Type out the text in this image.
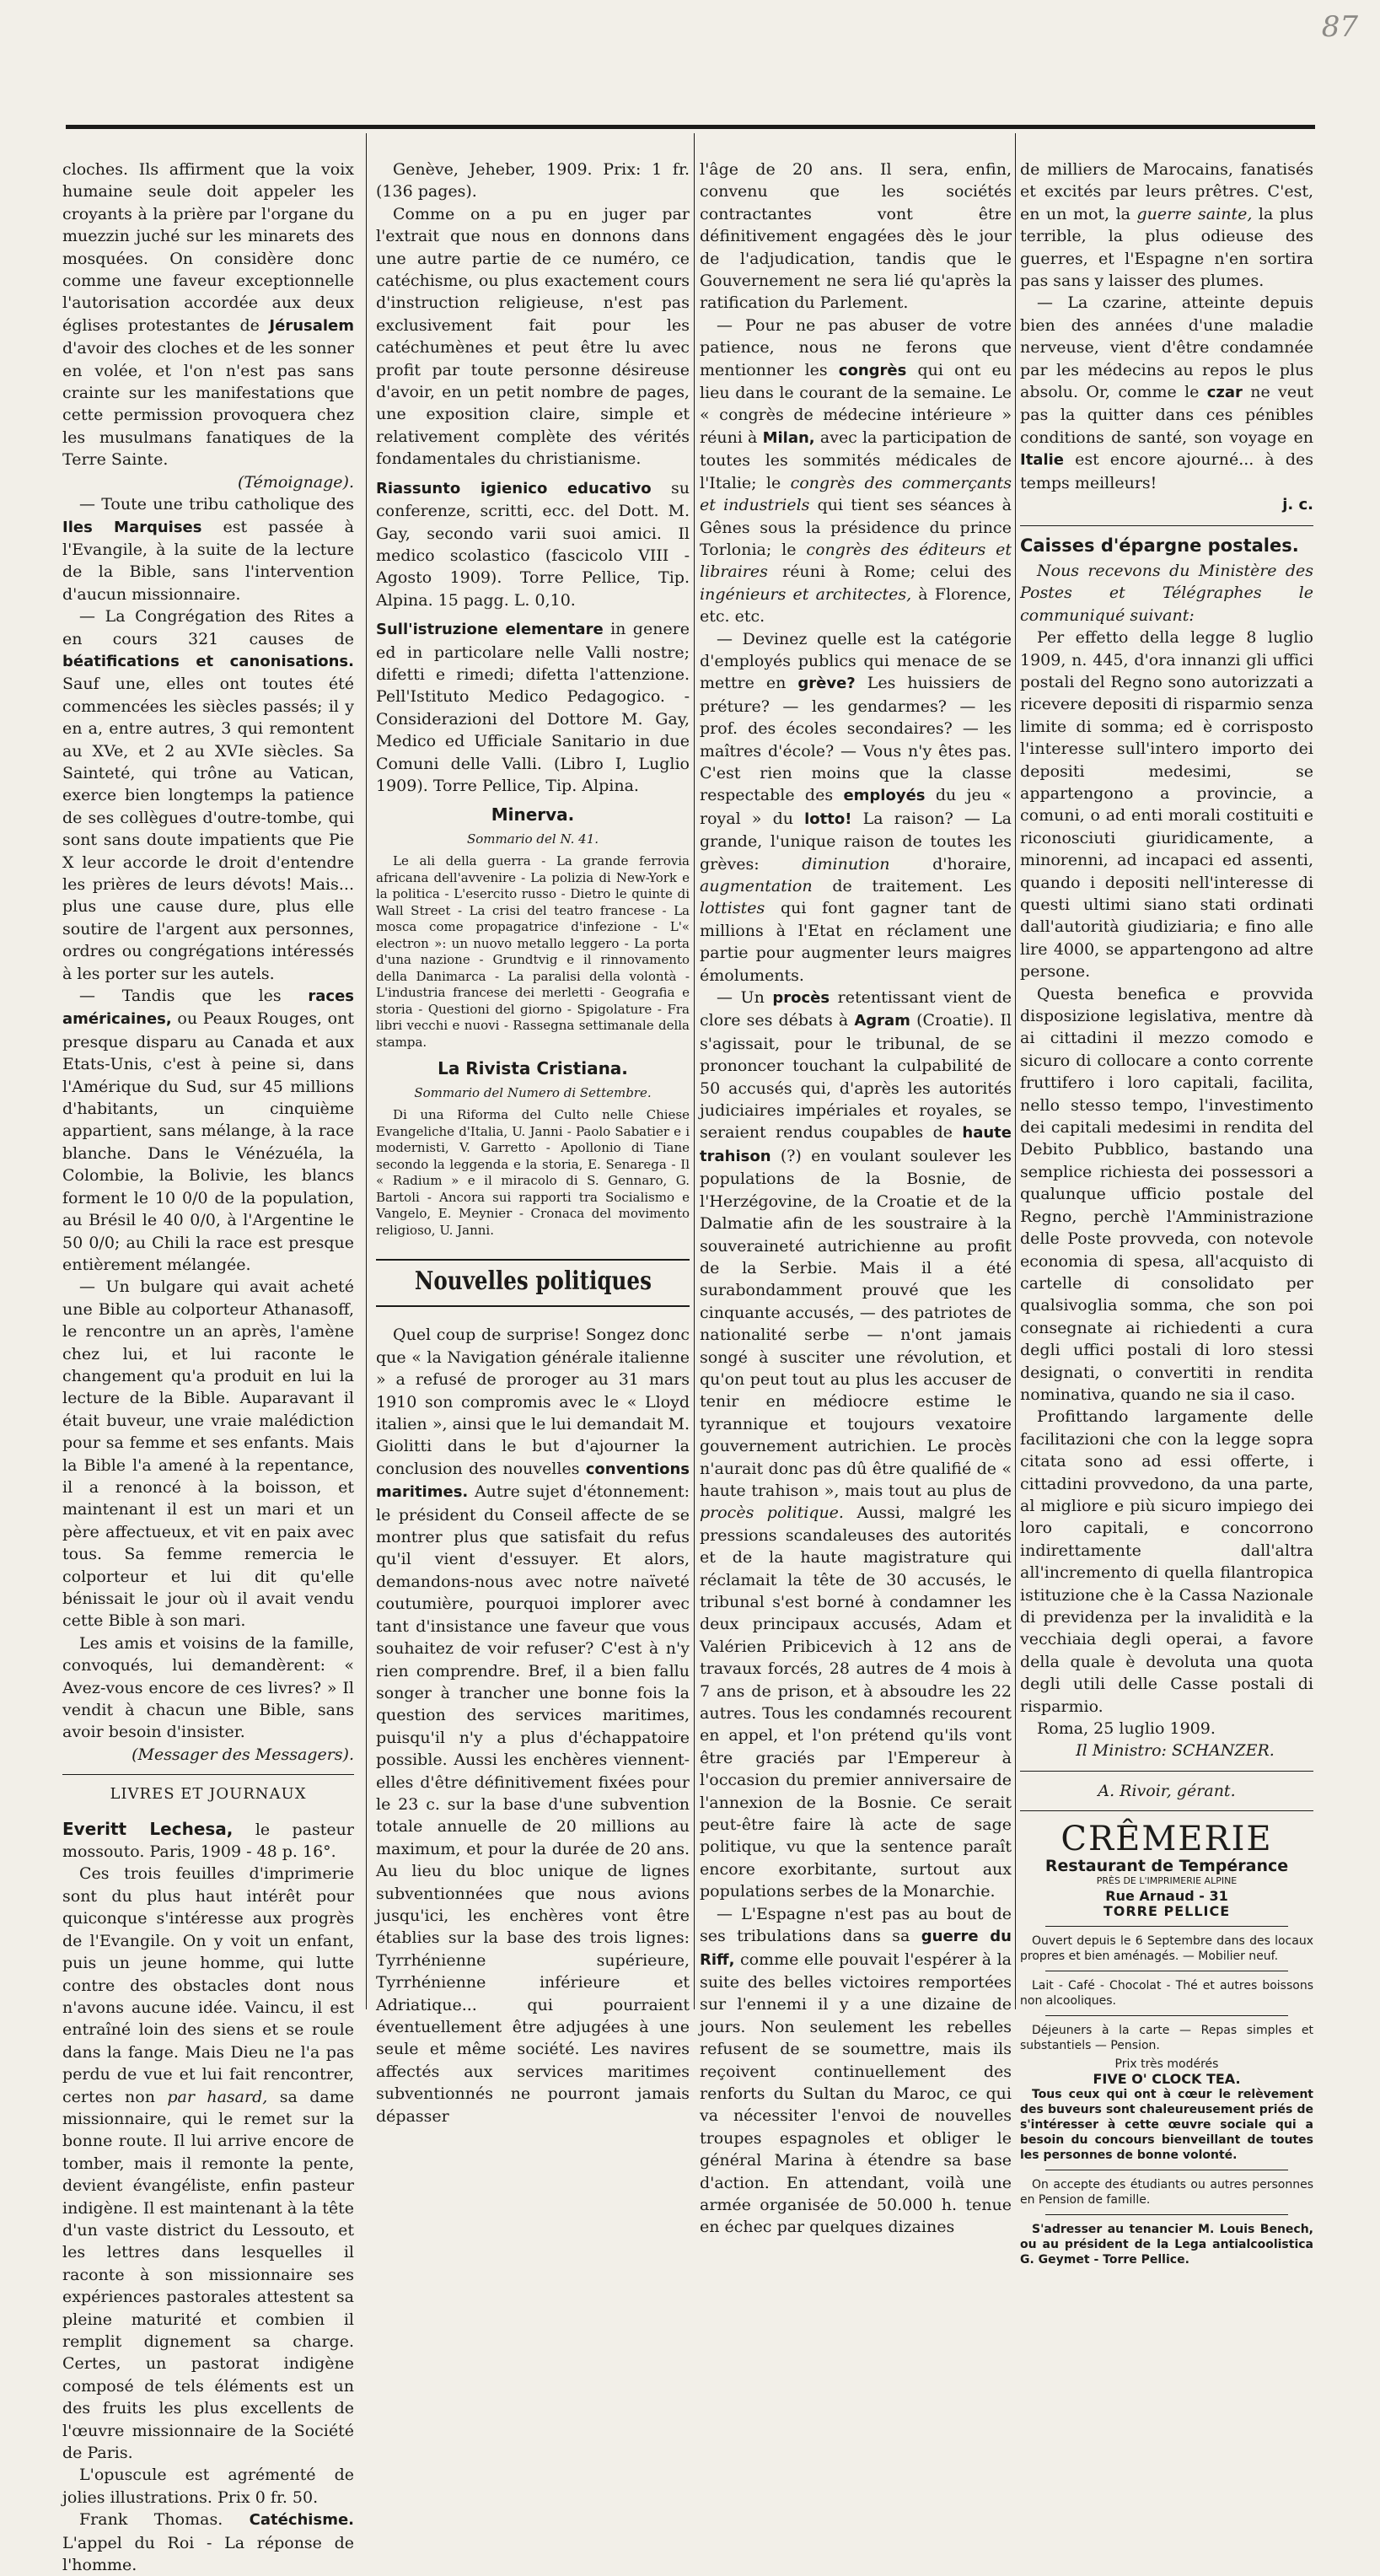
87

cloches. Ils affirment que la voix humaine seule doit appeler les croyants à la prière par l'organe du muezzin juché sur les minarets des mosquées. On considère donc comme une faveur exceptionnelle l'autorisation accordée aux deux églises protestantes de Jérusalem d'avoir des cloches et de les sonner en volée, et l'on n'est pas sans crainte sur les manifestations que cette permission provoquera chez les musulmans fanatiques de la Terre Sainte.

(Témoignage).

— Toute une tribu catholique des Iles Marquises est passée à l'Evangile, à la suite de la lecture de la Bible, sans l'intervention d'aucun missionnaire.

— La Congrégation des Rites a en cours 321 causes de béatifications et canonisations. Sauf une, elles ont toutes été commencées les siècles passés; il y en a, entre autres, 3 qui remontent au XVe, et 2 au XVIe siècles. Sa Sainteté, qui trône au Vatican, exerce bien longtemps la patience de ses collègues d'outre-tombe, qui sont sans doute impatients que Pie X leur accorde le droit d'entendre les prières de leurs dévots! Mais... plus une cause dure, plus elle soutire de l'argent aux personnes, ordres ou congrégations intéressés à les porter sur les autels.

— Tandis que les races américaines, ou Peaux Rouges, ont presque disparu au Canada et aux Etats-Unis, c'est à peine si, dans l'Amérique du Sud, sur 45 millions d'habitants, un cinquième appartient, sans mélange, à la race blanche. Dans le Vénézuéla, la Colombie, la Bolivie, les blancs forment le 10 0/0 de la population, au Brésil le 40 0/0, à l'Argentine le 50 0/0; au Chili la race est presque entièrement mélangée.

— Un bulgare qui avait acheté une Bible au colporteur Athanasoff, le rencontre un an après, l'amène chez lui, et lui raconte le changement qu'a produit en lui la lecture de la Bible. Auparavant il était buveur, une vraie malédiction pour sa femme et ses enfants. Mais la Bible l'a amené à la repentance, il a renoncé à la boisson, et maintenant il est un mari et un père affectueux, et vit en paix avec tous. Sa femme remercia le colporteur et lui dit qu'elle bénissait le jour où il avait vendu cette Bible à son mari.

Les amis et voisins de la famille, convoqués, lui demandèrent: « Avez-vous encore de ces livres? » Il vendit à chacun une Bible, sans avoir besoin d'insister.

(Messager des Messagers).

LIVRES ET JOURNAUX

Everitt Lechesa, le pasteur mossouto. Paris, 1909 - 48 p. 16°.

Ces trois feuilles d'imprimerie sont du plus haut intérêt pour quiconque s'intéresse aux progrès de l'Evangile. On y voit un enfant, puis un jeune homme, qui lutte contre des obstacles dont nous n'avons aucune idée. Vaincu, il est entraîné loin des siens et se roule dans la fange. Mais Dieu ne l'a pas perdu de vue et lui fait rencontrer, certes non par hasard, sa dame missionnaire, qui le remet sur la bonne route. Il lui arrive encore de tomber, mais il remonte la pente, devient évangéliste, enfin pasteur indigène. Il est maintenant à la tête d'un vaste district du Lessouto, et les lettres dans lesquelles il raconte à son missionnaire ses expériences pastorales attestent sa pleine maturité et combien il remplit dignement sa charge. Certes, un pastorat indigène composé de tels éléments est un des fruits les plus excellents de l'œuvre missionnaire de la Société de Paris.

L'opuscule est agrémenté de jolies illustrations. Prix 0 fr. 50.

Frank Thomas. Catéchisme. L'appel du Roi - La réponse de l'homme.

Genève, Jeheber, 1909. Prix: 1 fr. (136 pages).

Comme on a pu en juger par l'extrait que nous en donnons dans une autre partie de ce numéro, ce catéchisme, ou plus exactement cours d'instruction religieuse, n'est pas exclusivement fait pour les catéchumènes et peut être lu avec profit par toute personne désireuse d'avoir, en un petit nombre de pages, une exposition claire, simple et relativement complète des vérités fondamentales du christianisme.

Riassunto igienico educativo su conferenze, scritti, ecc. del Dott. M. Gay, secondo varii suoi amici. Il medico scolastico (fascicolo VIII - Agosto 1909). Torre Pellice, Tip. Alpina. 15 pagg. L. 0,10.

Sull'istruzione elementare in genere ed in particolare nelle Valli nostre; difetti e rimedi; difetta l'attenzione. Pell'Istituto Medico Pedagogico. - Considerazioni del Dottore M. Gay, Medico ed Ufficiale Sanitario in due Comuni delle Valli. (Libro I, Luglio 1909). Torre Pellice, Tip. Alpina.

Minerva.
Sommario del N. 41.

Le ali della guerra - La grande ferrovia africana dell'avvenire - La polizia di New-York e la politica - L'esercito russo - Dietro le quinte di Wall Street - La crisi del teatro francese - La mosca come propagatrice d'infezione - L'« electron »: un nuovo metallo leggero - La porta d'una nazione - Grundtvig e il rinnovamento della Danimarca - La paralisi della volontà - L'industria francese dei merletti - Geografia e storia - Questioni del giorno - Spigolature - Fra libri vecchi e nuovi - Rassegna settimanale della stampa.

La Rivista Cristiana.
Sommario del Numero di Settembre.

Di una Riforma del Culto nelle Chiese Evangeliche d'Italia, U. Janni - Paolo Sabatier e i modernisti, V. Garretto - Apollonio di Tiane secondo la leggenda e la storia, E. Senarega - Il « Radium » e il miracolo di S. Gennaro, G. Bartoli - Ancora sui rapporti tra Socialismo e Vangelo, E. Meynier - Cronaca del movimento religioso, U. Janni.

Nouvelles politiques

Quel coup de surprise! Songez donc que « la Navigation générale italienne » a refusé de proroger au 31 mars 1910 son compromis avec le « Lloyd italien », ainsi que le lui demandait M. Giolitti dans le but d'ajourner la conclusion des nouvelles conventions maritimes. Autre sujet d'étonnement: le président du Conseil affecte de se montrer plus que satisfait du refus qu'il vient d'essuyer. Et alors, demandons-nous avec notre naïveté coutumière, pourquoi implorer avec tant d'insistance une faveur que vous souhaitez de voir refuser? C'est à n'y rien comprendre. Bref, il a bien fallu songer à trancher une bonne fois la question des services maritimes, puisqu'il n'y a plus d'échappatoire possible. Aussi les enchères viennent-elles d'être définitivement fixées pour le 23 c. sur la base d'une subvention totale annuelle de 20 millions au maximum, et pour la durée de 20 ans. Au lieu du bloc unique de lignes subventionnées que nous avions jusqu'ici, les enchères vont être établies sur la base des trois lignes: Tyrrhénienne supérieure, Tyrrhénienne inférieure et Adriatique... qui pourraient éventuellement être adjugées à une seule et même société. Les navires affectés aux services maritimes subventionnés ne pourront jamais dépasser

l'âge de 20 ans. Il sera, enfin, convenu que les sociétés contractantes vont être définitivement engagées dès le jour de l'adjudication, tandis que le Gouvernement ne sera lié qu'après la ratification du Parlement.

— Pour ne pas abuser de votre patience, nous ne ferons que mentionner les congrès qui ont eu lieu dans le courant de la semaine. Le « congrès de médecine intérieure » réuni à Milan, avec la participation de toutes les sommités médicales de l'Italie; le congrès des commerçants et industriels qui tient ses séances à Gênes sous la présidence du prince Torlonia; le congrès des éditeurs et libraires réuni à Rome; celui des ingénieurs et architectes, à Florence, etc. etc.

— Devinez quelle est la catégorie d'employés publics qui menace de se mettre en grève? Les huissiers de préture? — les gendarmes? — les prof. des écoles secondaires? — les maîtres d'école? — Vous n'y êtes pas. C'est rien moins que la classe respectable des employés du jeu « royal » du lotto! La raison? — La grande, l'unique raison de toutes les grèves:	diminution	d'horaire, augmentation de traitement. Les lottistes qui font gagner tant de millions à l'Etat en réclament une partie pour augmenter leurs maigres émoluments.

— Un procès retentissant vient de clore ses débats à Agram (Croatie). Il s'agissait, pour le tribunal, de se prononcer touchant la culpabilité de 50 accusés qui, d'après les autorités judiciaires impériales et royales, se seraient rendus coupables de haute trahison (?) en voulant soulever les populations de la Bosnie, de l'Herzégovine, de la Croatie et de la Dalmatie afin de les soustraire à la souveraineté autrichienne au profit de la Serbie. Mais il a été surabondamment prouvé que les cinquante accusés, — des patriotes de nationalité serbe — n'ont jamais songé à susciter une révolution, et qu'on peut tout au plus les accuser de tenir en médiocre estime le tyrannique et toujours vexatoire gouvernement autrichien. Le procès n'aurait donc pas dû être qualifié de « haute trahison », mais tout au plus de procès politique. Aussi, malgré les pressions scandaleuses des autorités et de la haute magistrature qui réclamait la tête de 30 accusés, le tribunal s'est borné à condamner les deux principaux accusés, Adam et Valérien Pribicevich à 12 ans de travaux forcés, 28 autres de 4 mois à 7 ans de prison, et à absoudre les 22 autres. Tous les condamnés recourent en appel, et l'on prétend qu'ils vont être graciés par l'Empereur à l'occasion du premier anniversaire de l'annexion de la Bosnie. Ce serait peut-être faire là acte de sage politique, vu que la sentence paraît encore exorbitante, surtout aux populations serbes de la Monarchie.

— L'Espagne n'est pas au bout de ses tribulations dans sa guerre du Riff, comme elle pouvait l'espérer à la suite des belles victoires remportées sur l'ennemi il y a une dizaine de jours. Non seulement les rebelles refusent de se soumettre, mais ils reçoivent continuellement des renforts du Sultan du Maroc, ce qui va nécessiter l'envoi de nouvelles troupes espagnoles et obliger le général Marina à étendre sa base d'action. En attendant, voilà une armée organisée de 50.000 h. tenue en échec par quelques dizaines

de milliers de Marocains, fanatisés et excités par leurs prêtres. C'est, en un mot, la guerre sainte, la plus terrible, la plus odieuse des guerres, et l'Espagne n'en sortira pas sans y laisser des plumes.

— La czarine, atteinte depuis bien des années d'une maladie nerveuse, vient d'être condamnée par les médecins au repos le plus absolu. Or, comme le czar ne veut pas la quitter dans ces pénibles conditions de santé, son voyage en Italie est encore ajourné... à des temps meilleurs!

j. c.

Caisses d'épargne postales.

Nous recevons du Ministère des Postes et Télégraphes le communiqué suivant:

Per effetto della legge 8 luglio 1909, n. 445, d'ora innanzi gli uffici postali del Regno sono autorizzati a ricevere depositi di risparmio senza limite di somma; ed è corrisposto l'interesse sull'intero importo dei depositi medesimi, se appartengono a provincie, a comuni, o ad enti morali costituiti e riconosciuti giuridicamente, a minorenni, ad incapaci ed assenti, quando i depositi nell'interesse di questi ultimi siano stati ordinati dall'autorità giudiziaria; e fino alle lire 4000, se appartengono ad altre persone.

Questa benefica e provvida disposizione legislativa, mentre dà ai cittadini il mezzo comodo e sicuro di collocare a conto corrente fruttifero i loro capitali, facilita, nello stesso tempo, l'investimento dei capitali medesimi in rendita del Debito Pubblico, bastando una semplice richiesta dei possessori a qualunque ufficio postale del Regno, perchè l'Amministrazione delle Poste provveda, con notevole economia di spesa, all'acquisto di cartelle di consolidato per qualsivoglia somma, che son poi consegnate ai richiedenti a cura degli uffici postali di loro stessi designati, o convertiti in rendita nominativa, quando ne sia il caso.

Profittando largamente delle facilitazioni che con la legge sopra citata sono ad essi offerte, i cittadini provvedono, da una parte, al migliore e più sicuro impiego dei loro capitali, e concorrono indirettamente dall'altra all'incremento di quella filantropica istituzione che è la Cassa Nazionale di previdenza per la invalidità e la vecchiaia degli operai, a favore della quale è devoluta una quota degli utili delle Casse postali di risparmio.

Roma, 25 luglio 1909.

Il Ministro: SCHANZER.

A. Rivoir, gérant.

CRÊMERIE
Restaurant de Tempérance
PRÈS DE L'IMPRIMERIE ALPINE
Rue Arnaud - 31
TORRE PELLICE

Ouvert depuis le 6 Septembre dans des locaux propres et bien aménagés. — Mobilier neuf.

Lait - Café - Chocolat - Thé et autres boissons non alcooliques.

Déjeuners à la carte — Repas simples et substantiels — Pension.

Prix très modérés
FIVE O' CLOCK TEA.

Tous ceux qui ont à cœur le relèvement des buveurs sont chaleureusement priés de s'intéresser à cette œuvre sociale qui a besoin du concours bienveillant de toutes les personnes de bonne volonté.

On accepte des étudiants ou autres personnes en Pension de famille.

S'adresser au tenancier M. Louis Benech, ou au président de la Lega antialcoolistica G. Geymet - Torre Pellice.
